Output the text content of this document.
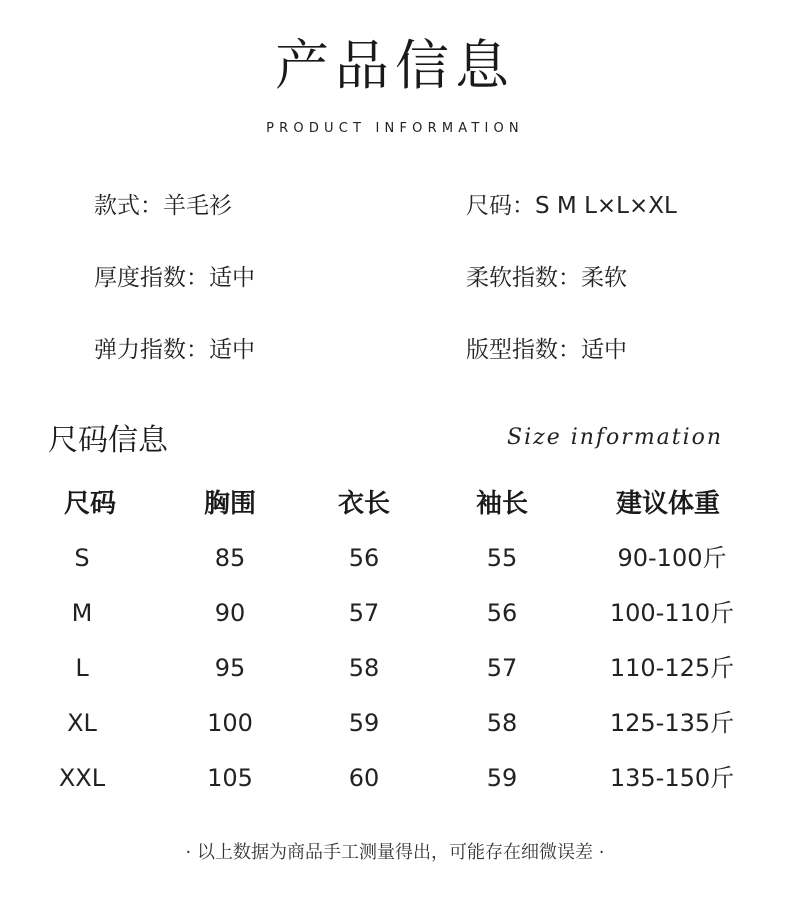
产品信息
PRODUCT INFORMATION
款式：羊毛衫	尺码：S M L×L×XL
厚度指数：适中	柔软指数：柔软
弹力指数：适中	版型指数：适中
尺码信息	Size information
尺码	胸围	衣长	袖长	建议体重
S	85	56	55	90-100斤
M	90	57	56	100-110斤
L	95	58	57	110-125斤
XL	100	59	58	125-135斤
XXL	105	60	59	135-150斤
· 以上数据为商品手工测量得出，可能存在细微误差 ·
